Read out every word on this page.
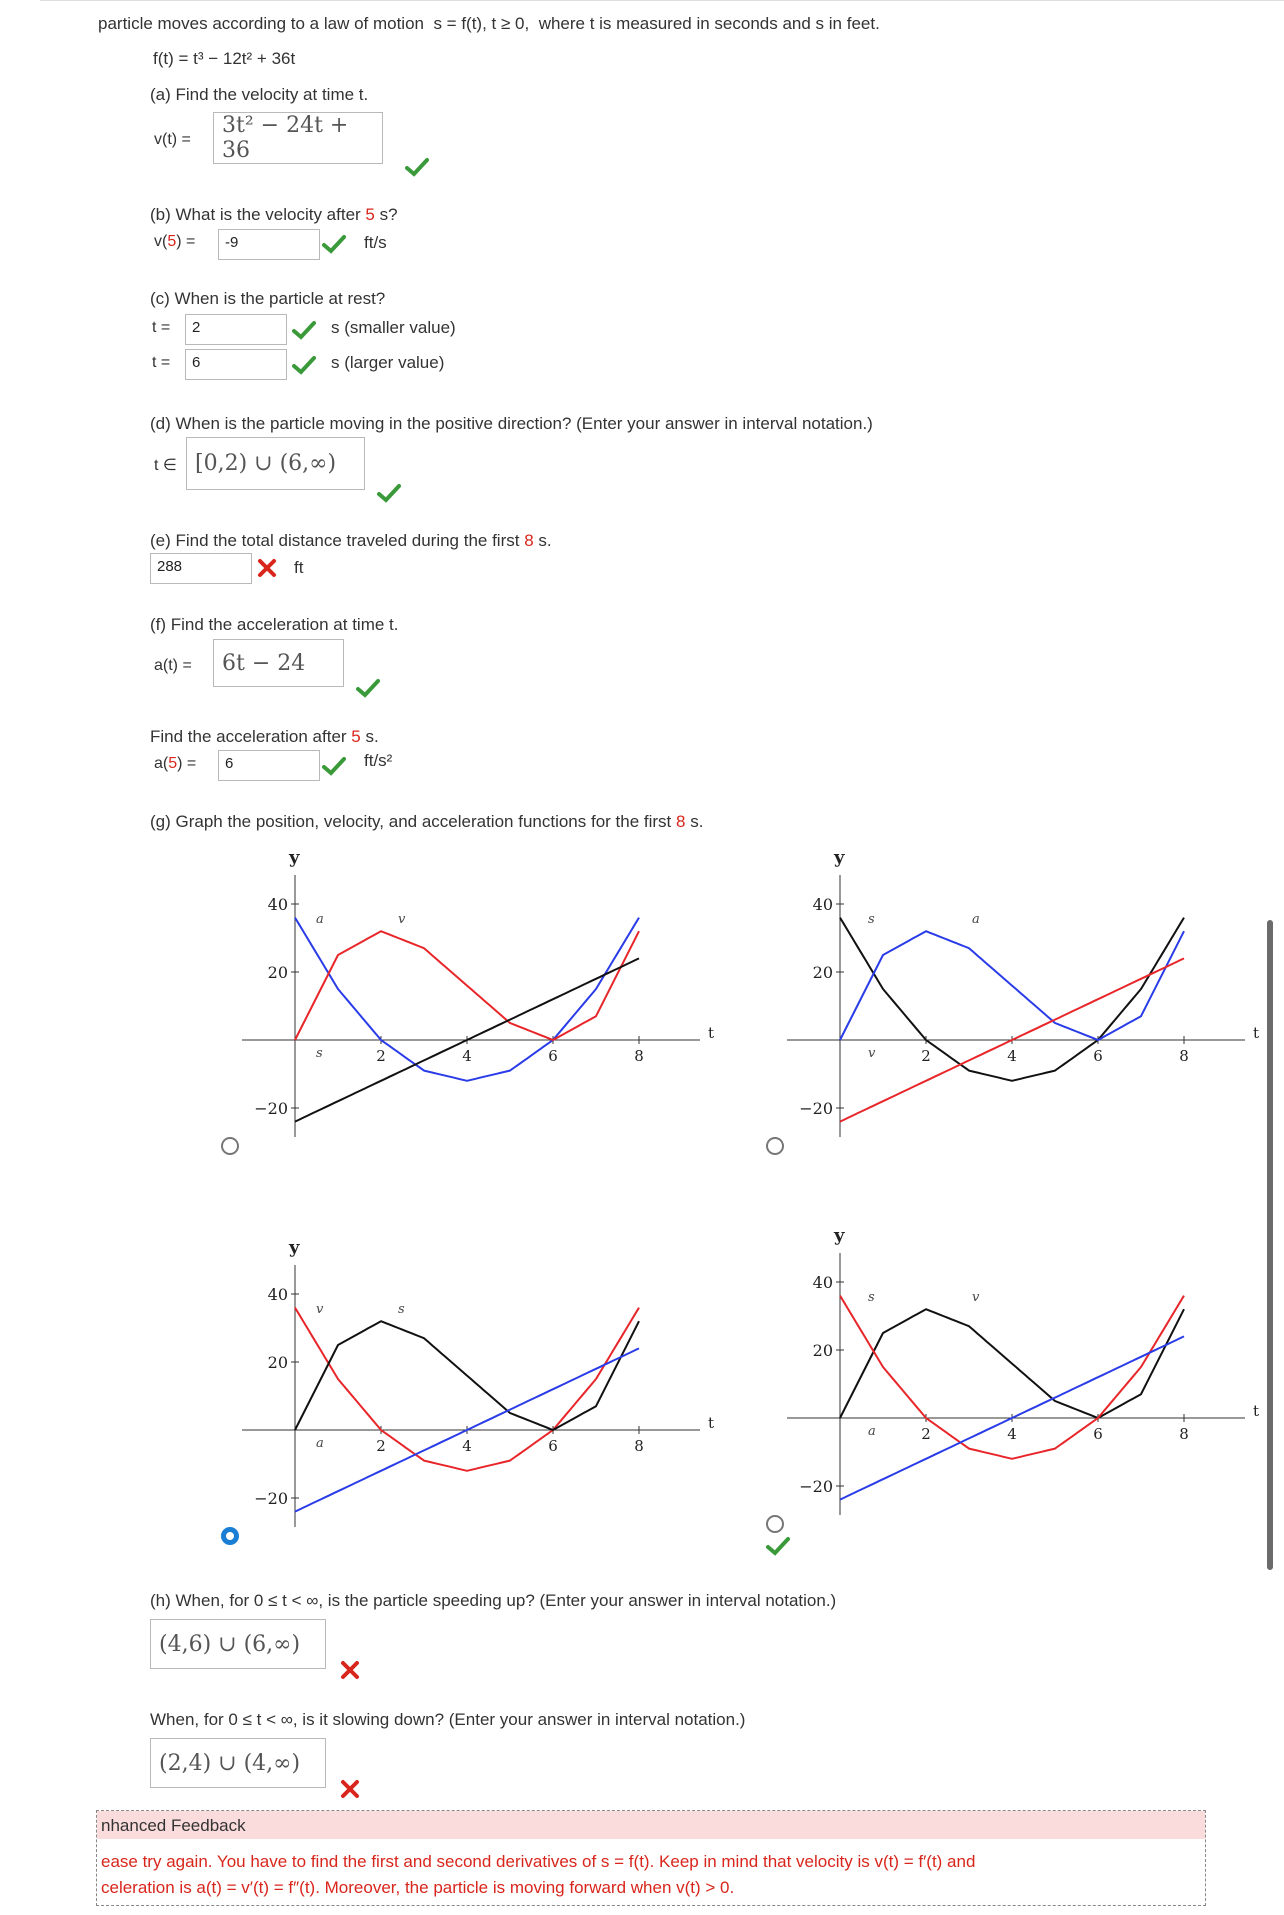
particle moves according to a law of motion s = f(t), t ≥ 0, where t is measured in seconds and s in feet.
f(t) = t³ − 12t² + 36t
(a) Find the velocity at time t.
v(t) =
3t² − 24t + 36
(b) What is the velocity after 5 s?
v(5) =	-9	ft/s
(c) When is the particle at rest?
t =	2	s (smaller value)
t =	6	s (larger value)
(d) When is the particle moving in the positive direction? (Enter your answer in interval notation.)
t ∈ [0,2) ∪ (6,∞)
(e) Find the total distance traveled during the first 8 s.
288	ft
(f) Find the acceleration at time t.
a(t) = 6t − 24
Find the acceleration after 5 s.
a(5) =	6	ft/s²
(g) Graph the position, velocity, and acceleration functions for the first 8 s.
y
t
40
20
−20
2	4	6	8
a	v
s
y
t
40
20
−20
2	4	6	8
s	a
v
y
t
40
20
−20
2	4	6	8
v	s
a
y
t
40
20
−20
2	4	6	8
s	v
a
(h) When, for 0 ≤ t < ∞, is the particle speeding up? (Enter your answer in interval notation.)
(4,6) ∪ (6,∞)
When, for 0 ≤ t < ∞, is it slowing down? (Enter your answer in interval notation.)
(2,4) ∪ (4,∞)
nhanced Feedback
ease try again. You have to find the first and second derivatives of s = f(t). Keep in mind that velocity is v(t) = f′(t) and
celeration is a(t) = v′(t) = f″(t). Moreover, the particle is moving forward when v(t) > 0.
